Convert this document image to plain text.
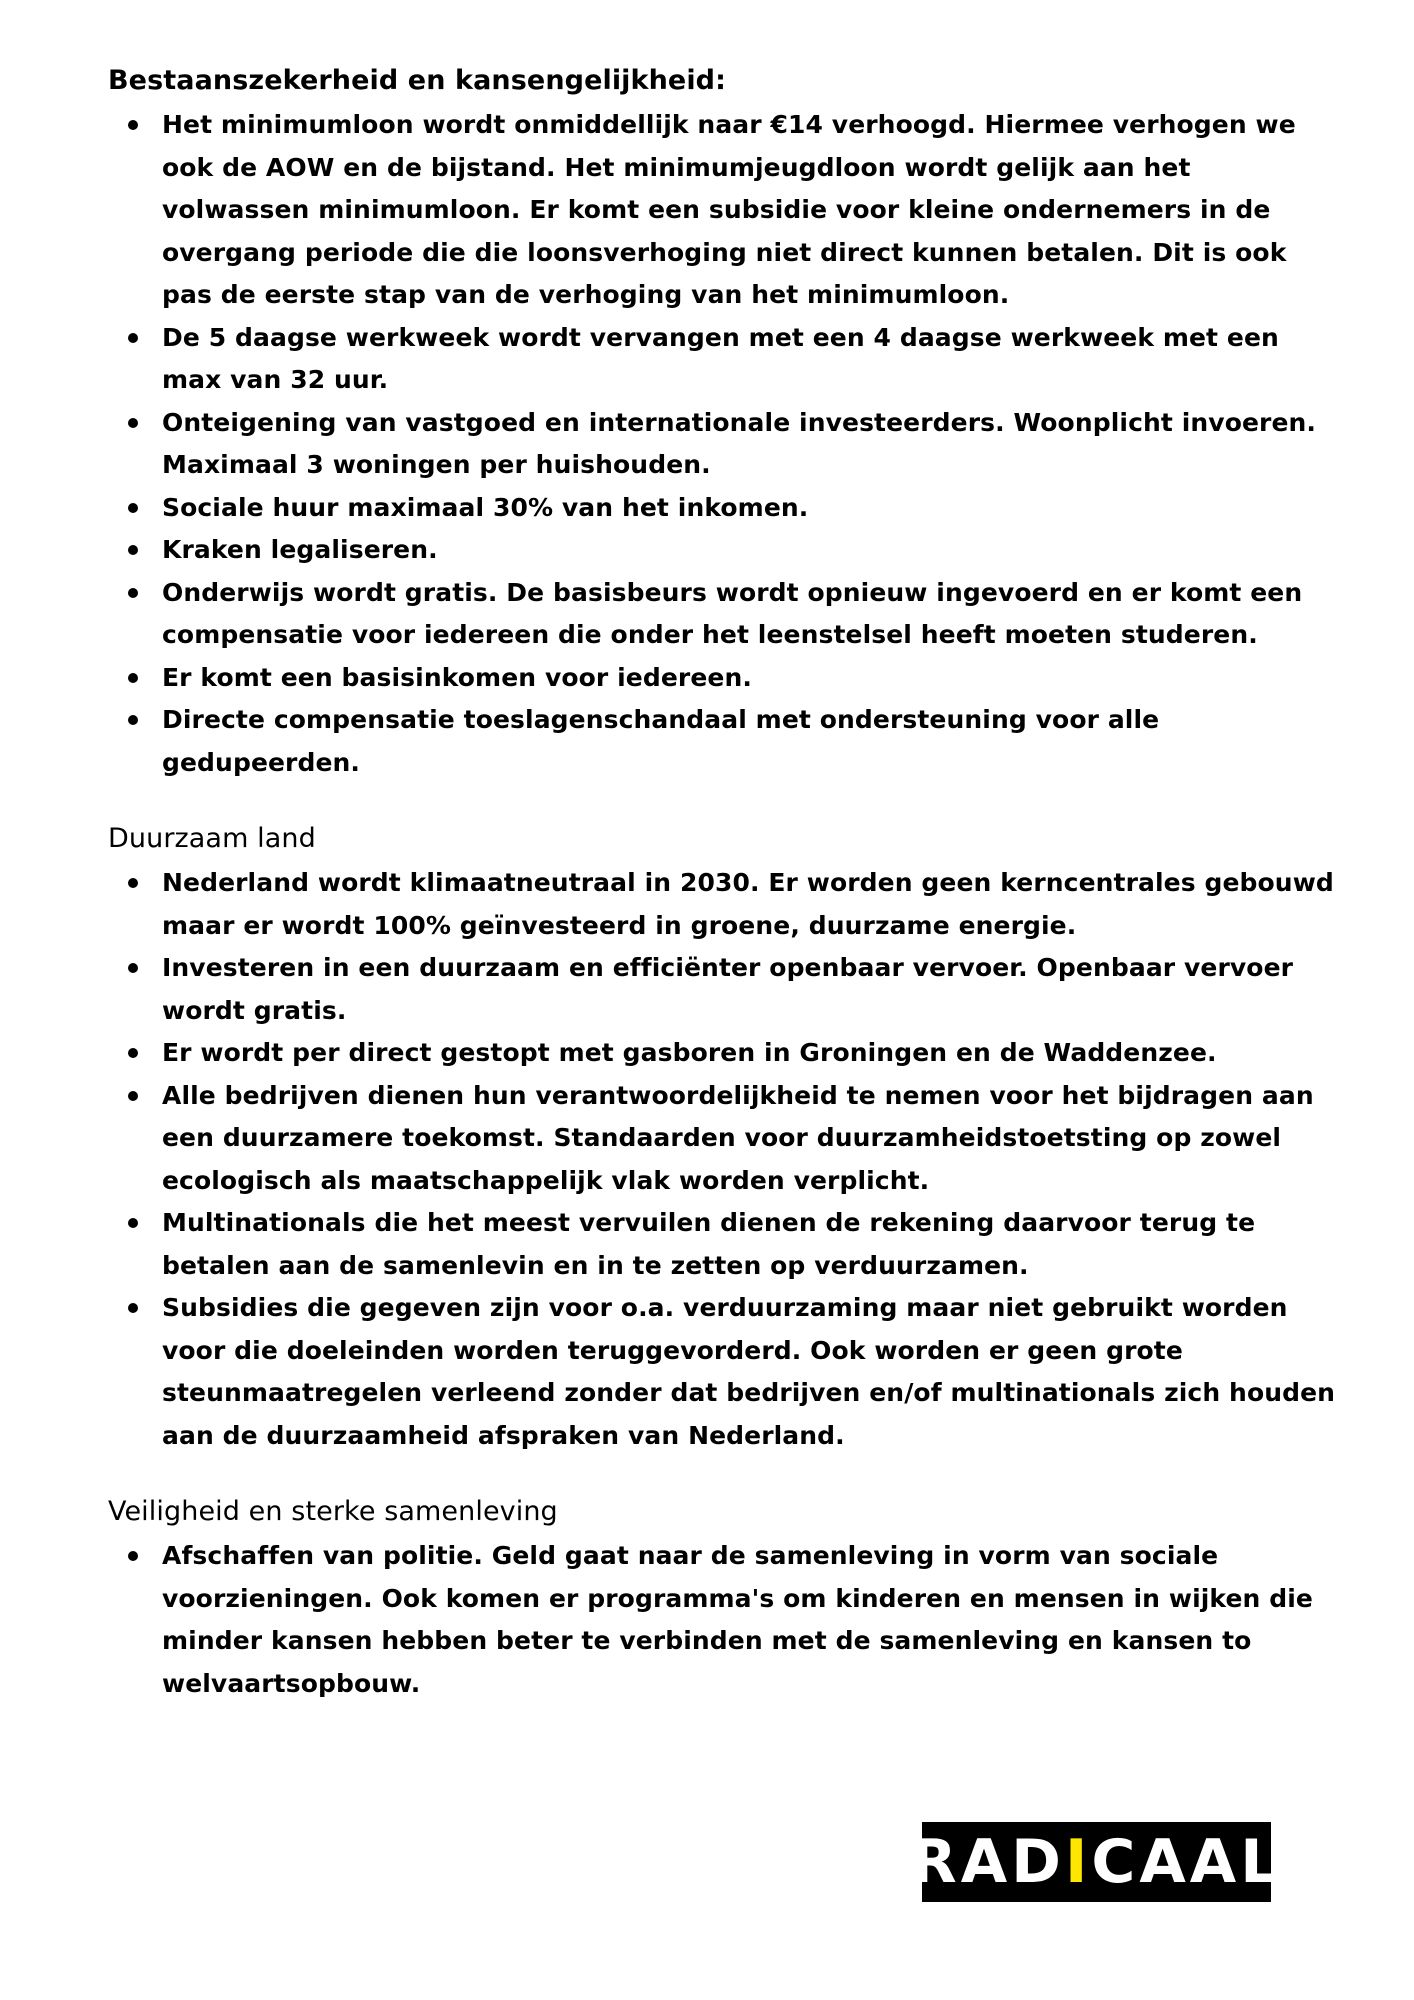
Bestaanszekerheid en kansengelijkheid:
Het minimumloon wordt onmiddellijk naar €14 verhoogd. Hiermee verhogen we ook de AOW en de bijstand. Het minimumjeugdloon wordt gelijk aan het volwassen minimumloon. Er komt een subsidie voor kleine ondernemers in de overgang periode die die loonsverhoging niet direct kunnen betalen. Dit is ook pas de eerste stap van de verhoging van het minimumloon.
De 5 daagse werkweek wordt vervangen met een 4 daagse werkweek met een max van 32 uur.
Onteigening van vastgoed en internationale investeerders. Woonplicht invoeren. Maximaal 3 woningen per huishouden.
Sociale huur maximaal 30% van het inkomen.
Kraken legaliseren.
Onderwijs wordt gratis. De basisbeurs wordt opnieuw ingevoerd en er komt een compensatie voor iedereen die onder het leenstelsel heeft moeten studeren.
Er komt een basisinkomen voor iedereen.
Directe compensatie toeslagenschandaal met ondersteuning voor alle gedupeerden.
Duurzaam land
Nederland wordt klimaatneutraal in 2030. Er worden geen kerncentrales gebouwd maar er wordt 100% geïnvesteerd in groene, duurzame energie.
Investeren in een duurzaam en efficiënter openbaar vervoer. Openbaar vervoer wordt gratis.
Er wordt per direct gestopt met gasboren in Groningen en de Waddenzee.
Alle bedrijven dienen hun verantwoordelijkheid te nemen voor het bijdragen aan een duurzamere toekomst. Standaarden voor duurzamheidstoetsting op zowel ecologisch als maatschappelijk vlak worden verplicht.
Multinationals die het meest vervuilen dienen de rekening daarvoor terug te betalen aan de samenlevin en in te zetten op verduurzamen.
Subsidies die gegeven zijn voor o.a. verduurzaming maar niet gebruikt worden voor die doeleinden worden teruggevorderd. Ook worden er geen grote steunmaatregelen verleend zonder dat bedrijven en/of multinationals zich houden aan de duurzaamheid afspraken van Nederland.
Veiligheid en sterke samenleving
Afschaffen van politie. Geld gaat naar de samenleving in vorm van sociale voorzieningen. Ook komen er programma's om kinderen en mensen in wijken die minder kansen hebben beter te verbinden met de samenleving en kansen to welvaartsopbouw.
RAD I CAAL
